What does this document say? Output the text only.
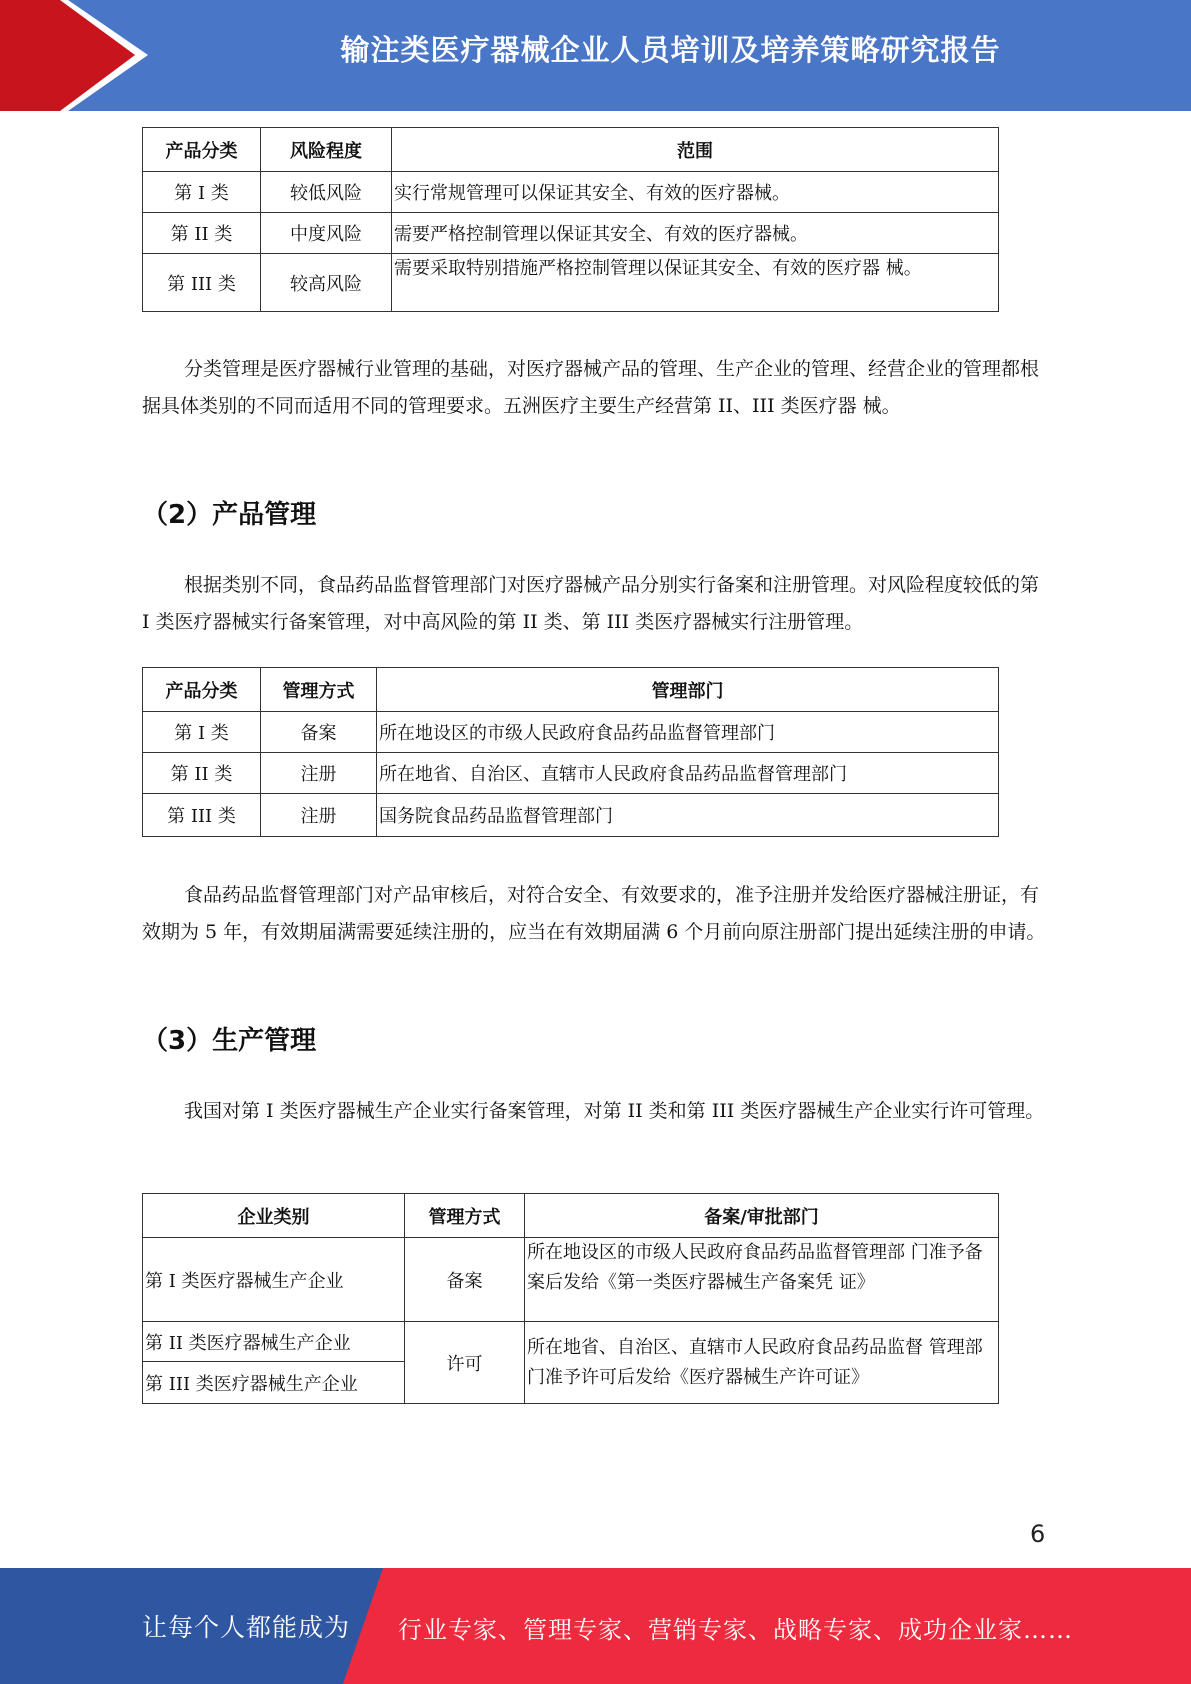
输注类医疗器械企业人员培训及培养策略研究报告
产品分类	风险程度	范围
第 I 类	较低风险	实行常规管理可以保证其安全、有效的医疗器械。
第 II 类	中度风险	需要严格控制管理以保证其安全、有效的医疗器械。
第 III 类	较高风险	需要采取特别措施严格控制管理以保证其安全、有效的医疗器 械。

分类管理是医疗器械行业管理的基础，对医疗器械产品的管理、生产企业的管理、经营企业的管理都根据具体类别的不同而适用不同的管理要求。五洲医疗主要生产经营第 II、III 类医疗器 械。

（2）产品管理

根据类别不同，食品药品监督管理部门对医疗器械产品分别实行备案和注册管理。对风险程度较低的第 I 类医疗器械实行备案管理，对中高风险的第 II 类、第 III 类医疗器械实行注册管理。

产品分类	管理方式	管理部门
第 I 类	备案	所在地设区的市级人民政府食品药品监督管理部门
第 II 类	注册	所在地省、自治区、直辖市人民政府食品药品监督管理部门
第 III 类	注册	国务院食品药品监督管理部门

食品药品监督管理部门对产品审核后，对符合安全、有效要求的，准予注册并发给医疗器械注册证，有效期为 5 年，有效期届满需要延续注册的，应当在有效期届满 6 个月前向原注册部门提出延续注册的申请。

（3）生产管理

我国对第 I 类医疗器械生产企业实行备案管理，对第 II 类和第 III 类医疗器械生产企业实行许可管理。

企业类别	管理方式	备案/审批部门
第 I 类医疗器械生产企业	备案	所在地设区的市级人民政府食品药品监督管理部 门准予备案后发给《第一类医疗器械生产备案凭 证》
第 II 类医疗器械生产企业	许可	所在地省、自治区、直辖市人民政府食品药品监督 管理部门准予许可后发给《医疗器械生产许可证》
第 III 类医疗器械生产企业		
6
让每个人都能成为 行业专家、管理专家、营销专家、战略专家、成功企业家……
